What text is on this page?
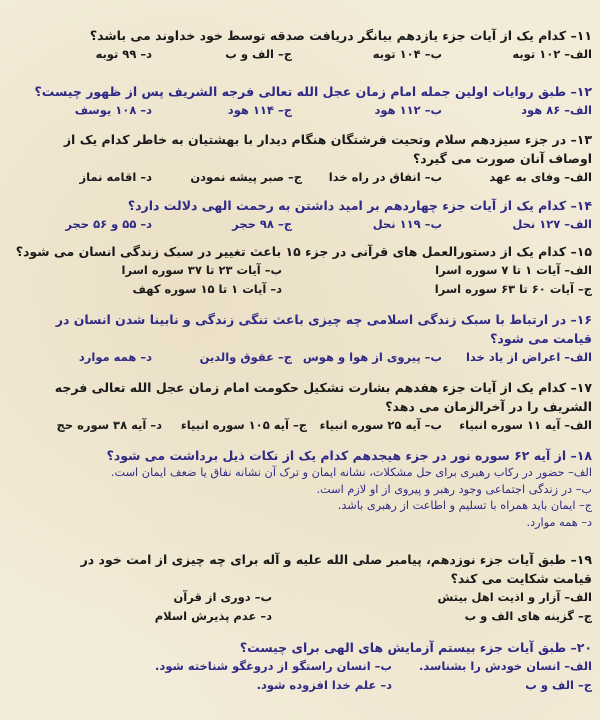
۱۱– کدام یک از آیات جزء یازدهم بیانگر دریافت صدقه توسط خود خداوند می باشد؟
الف– ۱۰۲ توبه
ب– ۱۰۴ توبه
ج– الف و ب
د– ۹۹ توبه
۱۲– طبق روایات اولین جمله امام زمان عجل الله تعالی فرجه الشریف پس از ظهور چیست؟
الف– ۸۶ هود
ب– ۱۱۲ هود
ج– ۱۱۴ هود
د– ۱۰۸ یوسف
۱۳– در جزء سیزدهم سلام وتحیت فرشتگان هنگام دیدار با بهشتیان به خاطر کدام یک از اوصاف آنان صورت می گیرد؟
الف– وفای به عهد
ب– انفاق در راه خدا
ج– صبر پیشه نمودن
د– اقامه نماز
۱۴– کدام یک از آیات جزء چهاردهم بر امید داشتن به رحمت الهی دلالت دارد؟
الف– ۱۲۷ نحل
ب– ۱۱۹ نحل
ج– ۹۸ حجر
د– ۵۵ و ۵۶ حجر
۱۵– کدام یک از دستورالعمل های قرآنی در جزء ۱۵ باعث تغییر در سبک زندگی انسان می شود؟
الف– آیات ۱ تا ۷ سوره اسرا
ب– آیات ۲۳ تا ۳۷ سوره اسرا
ج– آیات ۶۰ تا ۶۳ سوره اسرا
د– آیات ۱ تا ۱۵ سوره کهف
۱۶– در ارتباط با سبک زندگی اسلامی چه چیزی باعث تنگی زندگی و نابینا شدن انسان در قیامت می شود؟
الف– اعراض از یاد خدا
ب– پیروی از هوا و هوس
ج– عقوق والدین
د– همه موارد
۱۷– کدام یک از آیات جزء هفدهم بشارت تشکیل حکومت امام زمان عجل الله تعالی فرجه الشریف را در آخرالزمان می دهد؟
الف– آیه ۱۱ سوره انبیاء
ب– آیه ۲۵ سوره انبیاء
ج– آیه ۱۰۵ سوره انبیاء
د– آیه ۳۸ سوره حج
۱۸– از آیه ۶۲ سوره نور در جزء هیجدهم کدام یک از نکات ذیل برداشت می شود؟
الف– حضور در رکاب رهبری برای حل مشکلات، نشانه ایمان و ترک آن نشانه نفاق یا ضعف ایمان است.
ب– در زندگی اجتماعی وجود رهبر و پیروی از او لازم است.
ج– ایمان باید همراه با تسلیم و اطاعت از رهبری باشد.
د– همه موارد.
۱۹– طبق آیات جزء نوزدهم، پیامبر صلی الله علیه و آله برای چه چیزی از امت خود در قیامت شکایت می کند؟
الف– آزار و اذیت اهل بیتش
ب– دوری از قرآن
ج– گزینه های الف و ب
د– عدم پذیرش اسلام
۲۰– طبق آیات جزء بیستم آزمایش های الهی برای چیست؟
الف– انسان خودش را بشناسد.
ب– انسان راستگو از دروغگو شناخته شود.
ج– الف و ب
د– علم خدا افزوده شود.
